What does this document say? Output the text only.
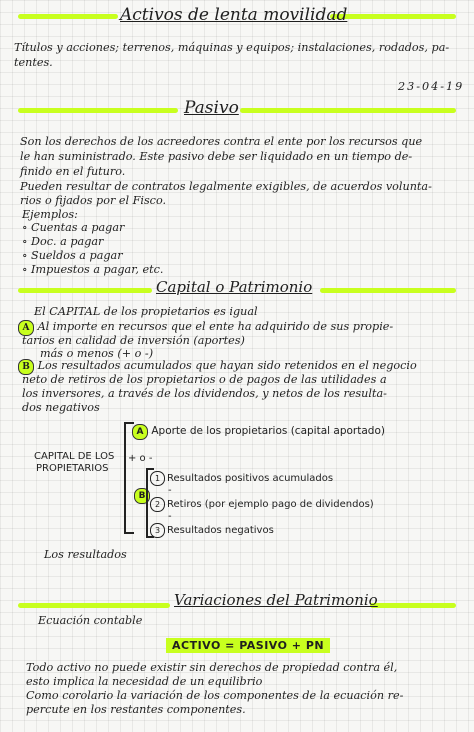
Activos de lenta movilidad
Títulos y acciones; terrenos, máquinas y equipos; instalaciones, rodados, pa-
tentes.
23-04-19
Pasivo
Son los derechos de los acreedores contra el ente por los recursos que
le han suministrado. Este pasivo debe ser liquidado en un tiempo de-
finido en el futuro.
Pueden resultar de contratos legalmente exigibles, de acuerdos volunta-
rios o fijados por el Fisco.
Ejemplos:
∘ Cuentas a pagar
∘ Doc. a pagar
∘ Sueldos a pagar
∘ Impuestos a pagar, etc.
Capital o Patrimonio
El CAPITAL de los propietarios es igual
A Al importe en recursos que el ente ha adquirido de sus propie-
tarios en calidad de inversión (aportes)
más o menos (+ o -)
B Los resultados acumulados que hayan sido retenidos en el negocio
neto de retiros de los propietarios o de pagos de las utilidades a
los inversores, a través de los dividendos, y netos de los resulta-
dos negativos
CAPITAL DE LOS
PROPIETARIOS
+ o -
A Aporte de los propietarios (capital aportado)
B
1 Resultados positivos acumulados
-
2 Retiros (por ejemplo pago de dividendos)
-
3 Resultados negativos
Los resultados
Variaciones del Patrimonio
Ecuación contable
ACTIVO = PASIVO + PN
Todo activo no puede existir sin derechos de propiedad contra él,
esto implica la necesidad de un equilibrio
Como corolario la variación de los componentes de la ecuación re-
percute en los restantes componentes.
